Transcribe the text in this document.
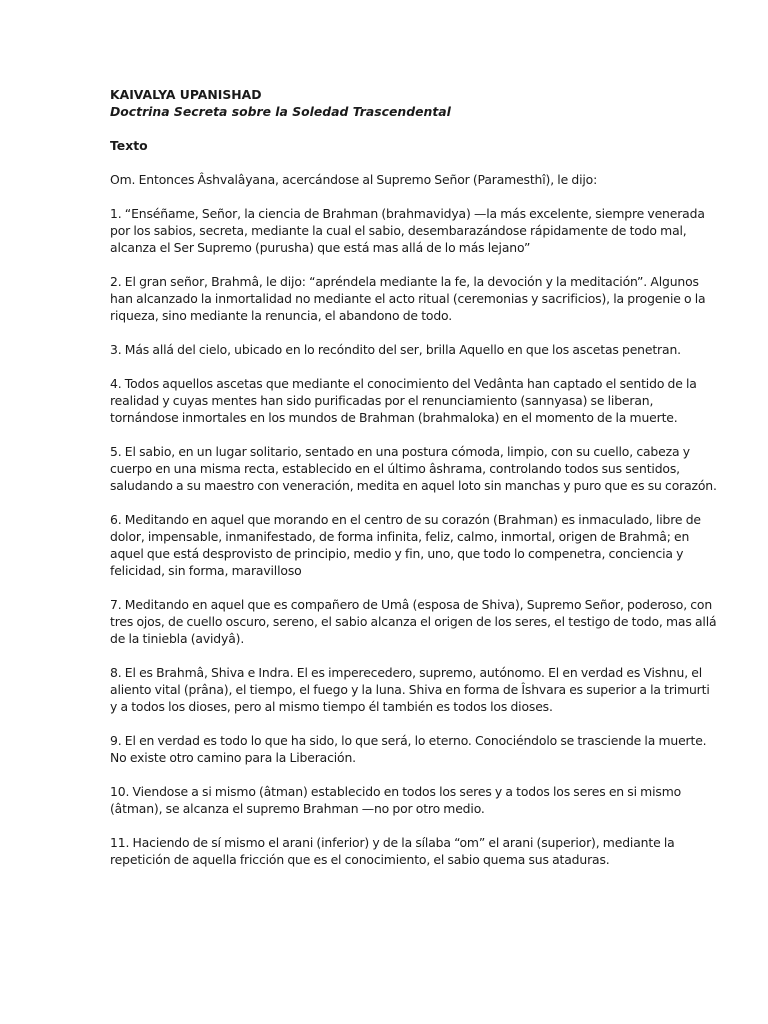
KAIVALYA UPANISHAD
Doctrina Secreta sobre la Soledad Trascendental
Texto

Om. Entonces Âshvalâyana, acercándose al Supremo Señor (Paramesthî), le dijo:

1. “Enséñame, Señor, la ciencia de Brahman (brahmavidya) —la más excelente, siempre venerada por los sabios, secreta, mediante la cual el sabio, desembarazándose rápidamente de todo mal, alcanza el Ser Supremo (purusha) que está mas allá de lo más lejano”

2. El gran señor, Brahmâ, le dijo: “apréndela mediante la fe, la devoción y la meditación”. Algunos han alcanzado la inmortalidad no mediante el acto ritual (ceremonias y sacrificios), la progenie o la riqueza, sino mediante la renuncia, el abandono de todo.

3. Más allá del cielo, ubicado en lo recóndito del ser, brilla Aquello en que los ascetas penetran.

4. Todos aquellos ascetas que mediante el conocimiento del Vedânta han captado el sentido de la realidad y cuyas mentes han sido purificadas por el renunciamiento (sannyasa) se liberan, tornándose inmortales en los mundos de Brahman (brahmaloka) en el momento de la muerte.

5. El sabio, en un lugar solitario, sentado en una postura cómoda, limpio, con su cuello, cabeza y cuerpo en una misma recta, establecido en el último âshrama, controlando todos sus sentidos, saludando a su maestro con veneración, medita en aquel loto sin manchas y puro que es su corazón.

6. Meditando en aquel que morando en el centro de su corazón (Brahman) es inmaculado, libre de dolor, impensable, inmanifestado, de forma infinita, feliz, calmo, inmortal, origen de Brahmâ; en aquel que está desprovisto de principio, medio y fin, uno, que todo lo compenetra, conciencia y felicidad, sin forma, maravilloso

7. Meditando en aquel que es compañero de Umâ (esposa de Shiva), Supremo Señor, poderoso, con tres ojos, de cuello oscuro, sereno, el sabio alcanza el origen de los seres, el testigo de todo, mas allá de la tiniebla (avidyâ).

8. El es Brahmâ, Shiva e Indra. El es imperecedero, supremo, autónomo. El en verdad es Vishnu, el aliento vital (prâna), el tiempo, el fuego y la luna. Shiva en forma de Îshvara es superior a la trimurti y a todos los dioses, pero al mismo tiempo él también es todos los dioses.

9. El en verdad es todo lo que ha sido, lo que será, lo eterno. Conociéndolo se trasciende la muerte. No existe otro camino para la Liberación.

10. Viendose a si mismo (âtman) establecido en todos los seres y a todos los seres en si mismo (âtman), se alcanza el supremo Brahman —no por otro medio.

11. Haciendo de sí mismo el arani (inferior) y de la sílaba “om” el arani (superior), mediante la repetición de aquella fricción que es el conocimiento, el sabio quema sus ataduras.
